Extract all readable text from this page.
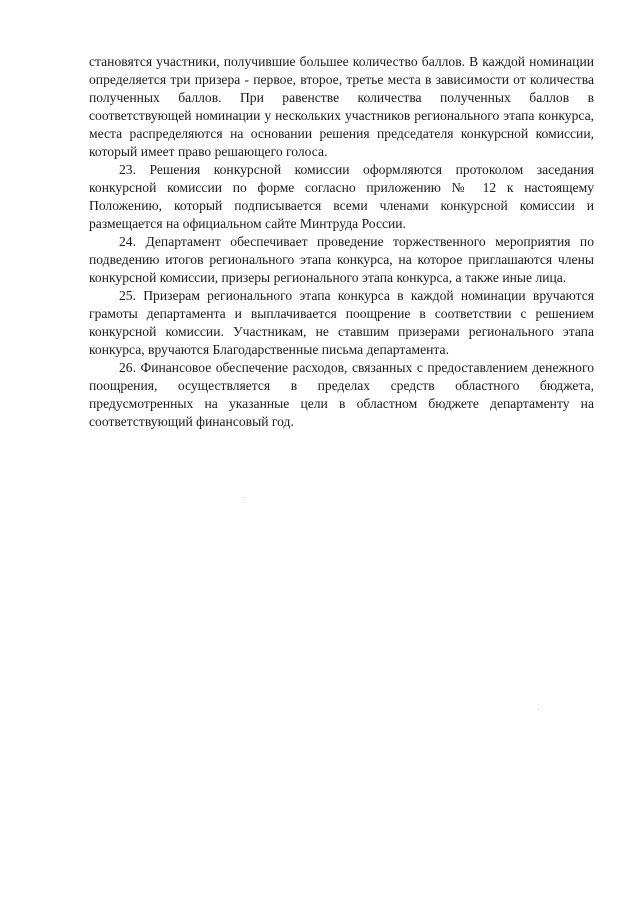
становятся участники, получившие большее количество баллов. В каждой номинации определяется три призера - первое, второе, третье места в зависимости от количества полученных баллов. При равенстве количества полученных баллов в соответствующей номинации у нескольких участников регионального этапа конкурса, места распределяются на основании решения председателя конкурсной комиссии, который имеет право решающего голоса.

23. Решения конкурсной комиссии оформляются протоколом заседания конкурсной комиссии по форме согласно приложению № 12 к настоящему Положению, который подписывается всеми членами конкурсной комиссии и размещается на официальном сайте Минтруда России.

24. Департамент обеспечивает проведение торжественного мероприятия по подведению итогов регионального этапа конкурса, на которое приглашаются члены конкурсной комиссии, призеры регионального этапа конкурса, а также иные лица.

25. Призерам регионального этапа конкурса в каждой номинации вручаются грамоты департамента и выплачивается поощрение в соответствии с решением конкурсной комиссии. Участникам, не ставшим призерами регионального этапа конкурса, вручаются Благодарственные письма департамента.

26. Финансовое обеспечение расходов, связанных с предоставлением денежного поощрения, осуществляется в пределах средств областного бюджета, предусмотренных на указанные цели в областном бюджете департаменту на соответствующий финансовый год.
